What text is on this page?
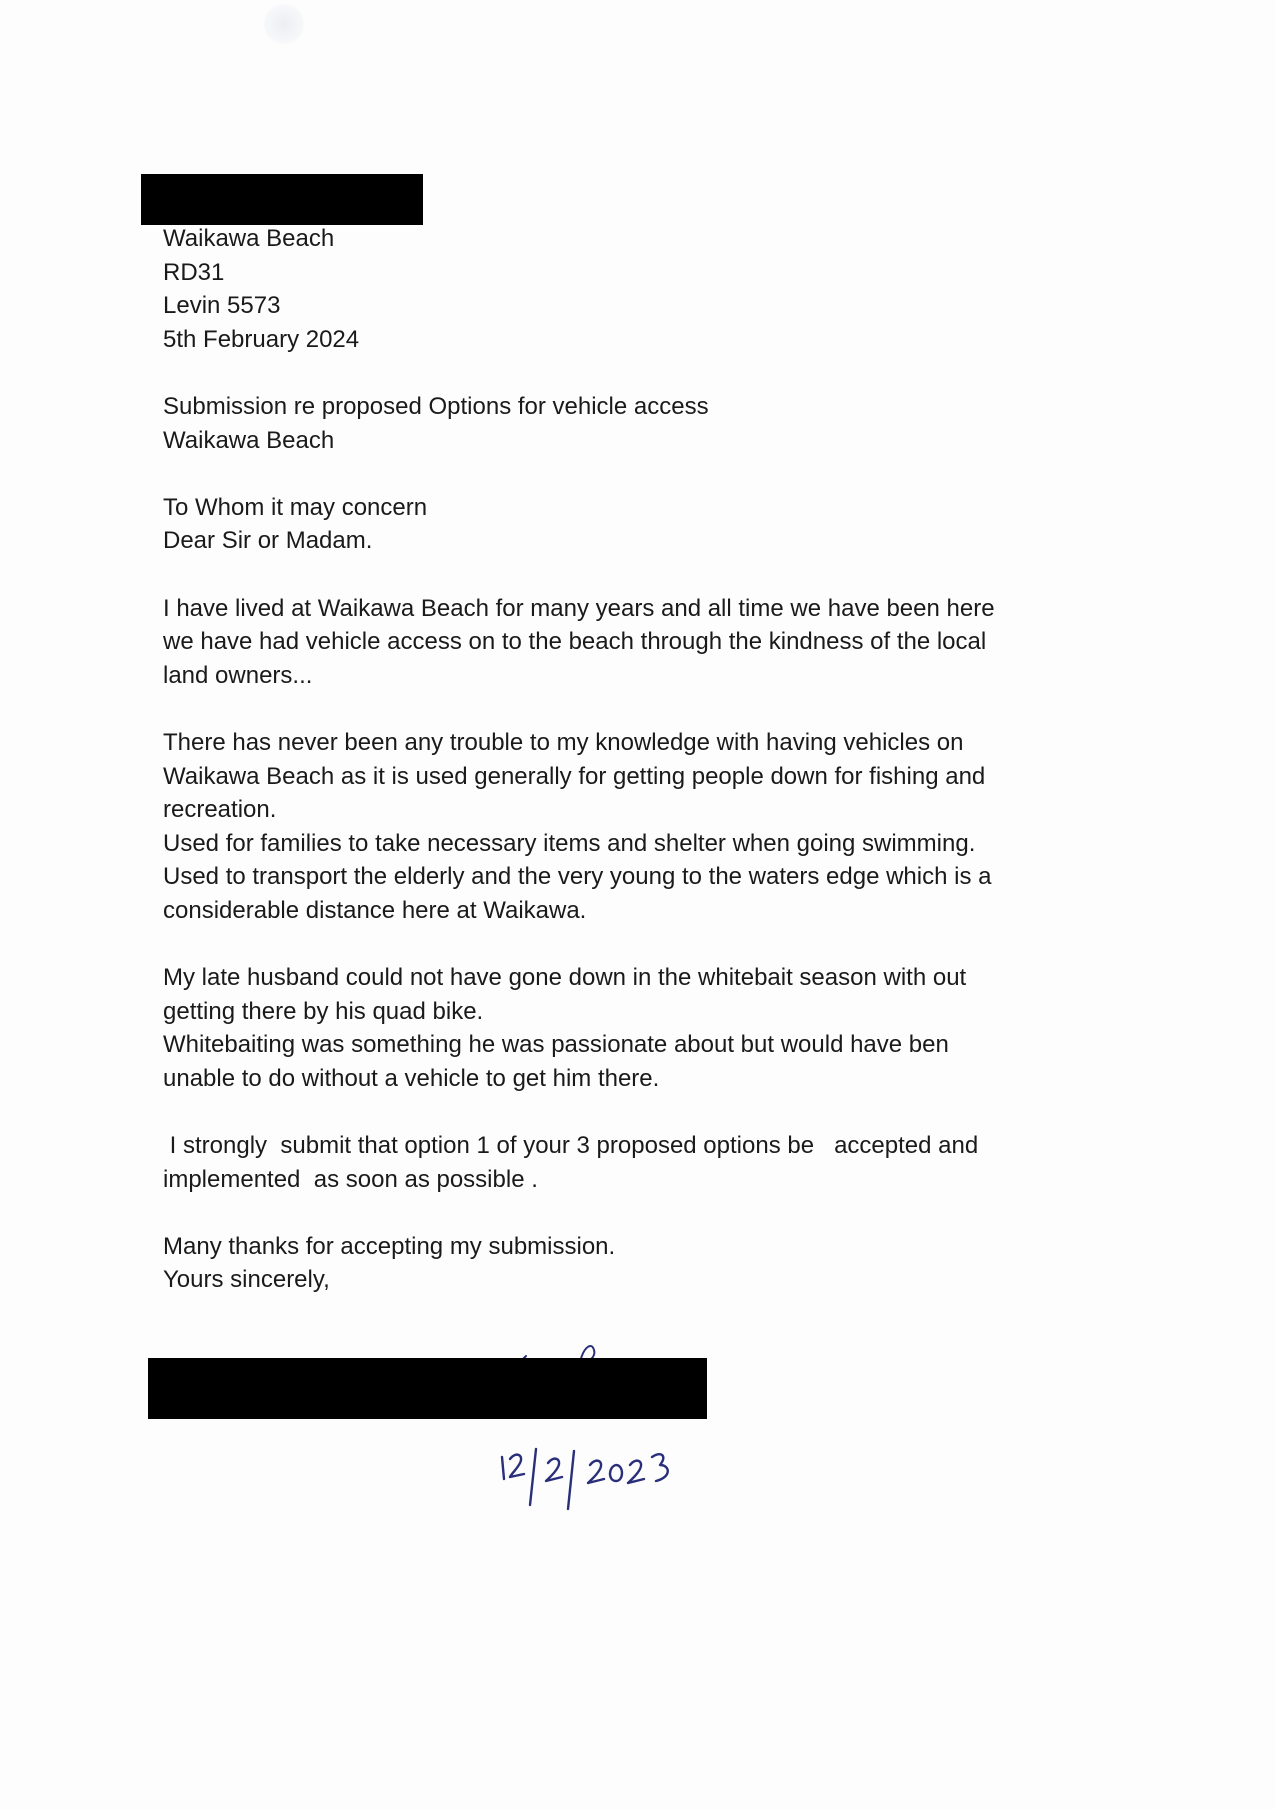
Waikawa Beach
RD31
Levin 5573
5th February 2024
Submission re proposed Options for vehicle access
Waikawa Beach
To Whom it may concern
Dear Sir or Madam.
I have lived at Waikawa Beach for many years and all time we have been here
we have had vehicle access on to the beach through the kindness of the local
land owners...
There has never been any trouble to my knowledge with having vehicles on
Waikawa Beach as it is used generally for getting people down for fishing and
recreation.
Used for families to take necessary items and shelter when going swimming.
Used to transport the elderly and the very young to the waters edge which is a
considerable distance here at Waikawa.
My late husband could not have gone down in the whitebait season with out
getting there by his quad bike.
Whitebaiting was something he was passionate about but would have ben
unable to do without a vehicle to get him there.
I strongly  submit that option 1 of your 3 proposed options be   accepted and
implemented  as soon as possible .
Many thanks for accepting my submission.
Yours sincerely,
